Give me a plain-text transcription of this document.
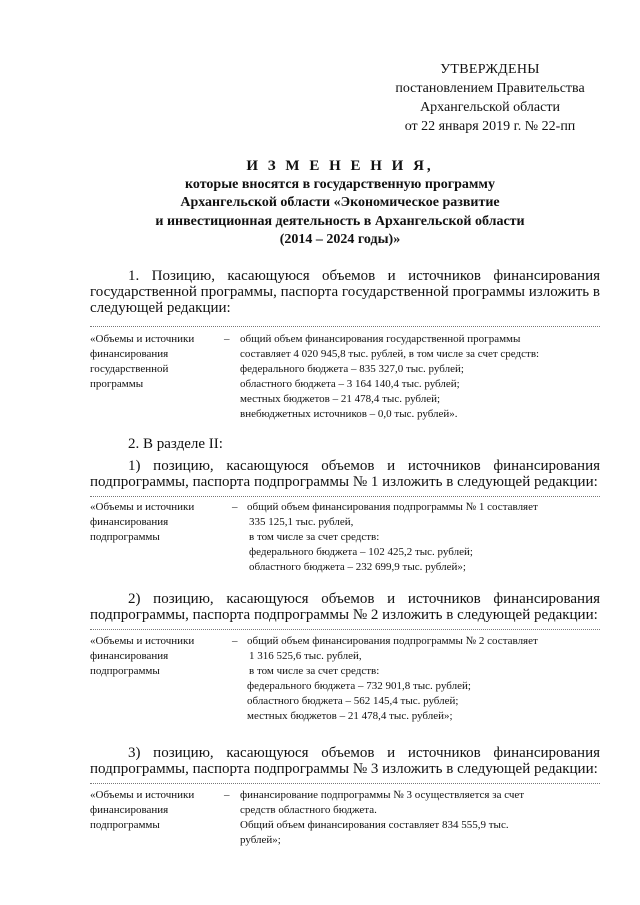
УТВЕРЖДЕНЫ
постановлением Правительства
Архангельской области
от 22 января 2019 г. № 22-пп
И З М Е Н Е Н И Я,
которые вносятся в государственную программу
Архангельской области «Экономическое развитие
и инвестиционная деятельность в Архангельской области
(2014 – 2024 годы)»
1. Позицию, касающуюся объемов и источников финансирования государственной программы, паспорта государственной программы изложить в следующей редакции:
«Объемы и источники
финансирования
государственной
программы
– общий объем финансирования государственной программы
составляет 4 020 945,8 тыс. рублей, в том числе за счет средств:
федерального бюджета – 835 327,0 тыс. рублей;
областного бюджета – 3 164 140,4 тыс. рублей;
местных бюджетов – 21 478,4 тыс. рублей;
внебюджетных источников – 0,0 тыс. рублей».
2. В разделе II:
1) позицию, касающуюся объемов и источников финансирования подпрограммы, паспорта подпрограммы № 1 изложить в следующей редакции:
«Объемы и источники
финансирования
подпрограммы
– общий объем финансирования подпрограммы № 1 составляет
335 125,1 тыс. рублей,
в том числе за счет средств:
федерального бюджета – 102 425,2 тыс. рублей;
областного бюджета – 232 699,9 тыс. рублей»;
2) позицию, касающуюся объемов и источников финансирования подпрограммы, паспорта подпрограммы № 2 изложить в следующей редакции:
«Объемы и источники
финансирования
подпрограммы
– общий объем финансирования подпрограммы № 2 составляет
1 316 525,6 тыс. рублей,
в том числе за счет средств:
федерального бюджета – 732 901,8 тыс. рублей;
областного бюджета – 562 145,4 тыс. рублей;
местных бюджетов – 21 478,4 тыс. рублей»;
3) позицию, касающуюся объемов и источников финансирования подпрограммы, паспорта подпрограммы № 3 изложить в следующей редакции:
«Объемы и источники
финансирования
подпрограммы
– финансирование подпрограммы № 3 осуществляется за счет
средств областного бюджета.
Общий объем финансирования составляет 834 555,9 тыс.
рублей»;
